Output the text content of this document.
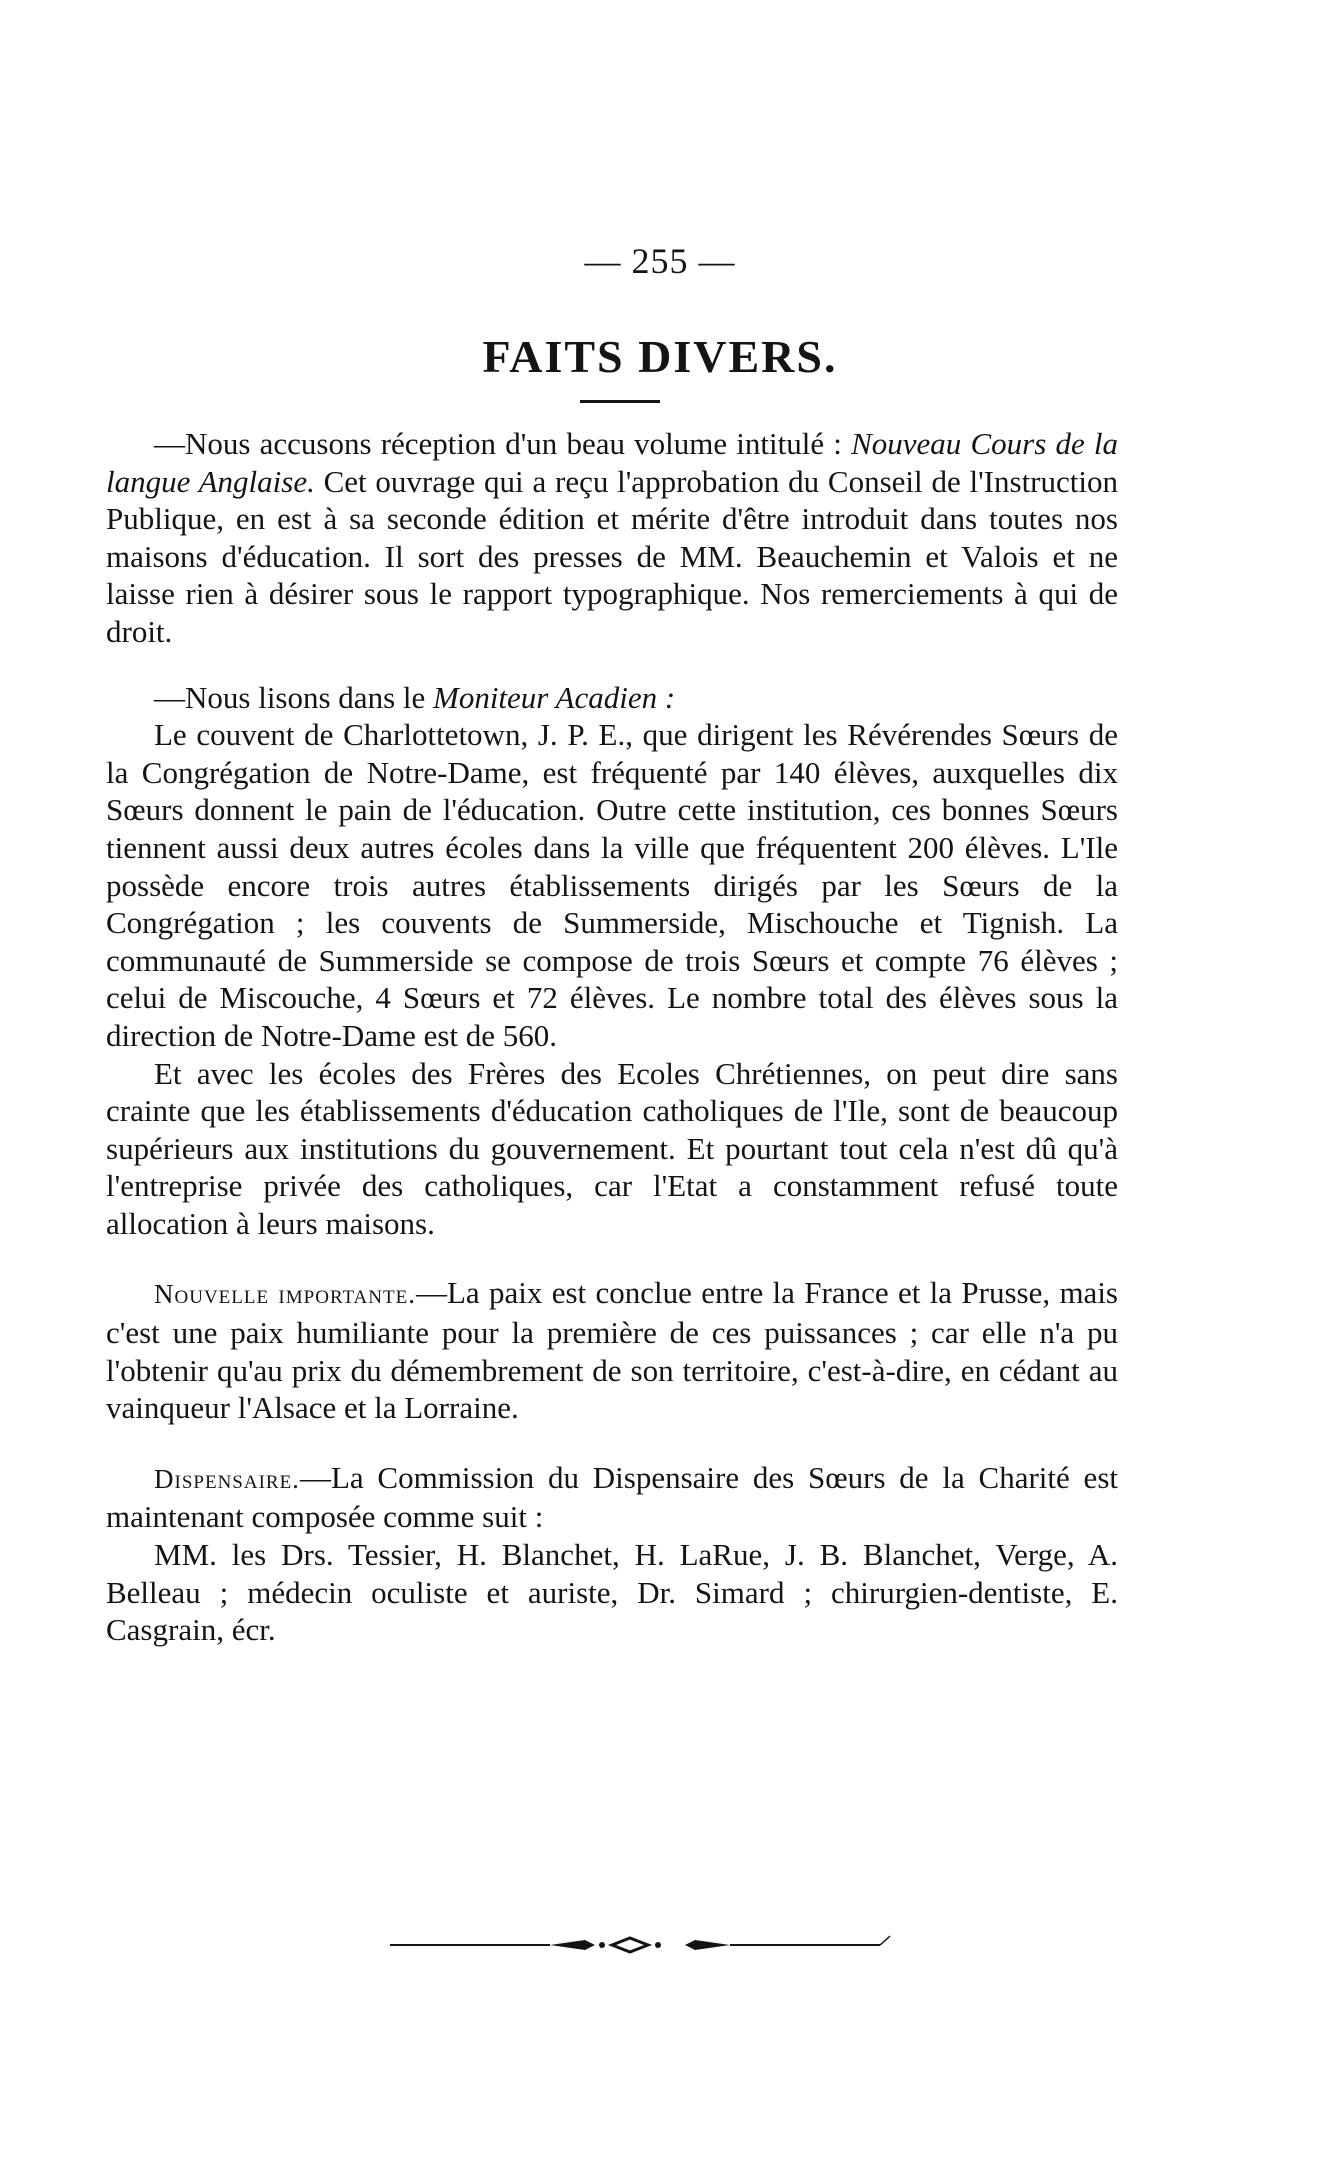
— 255 —
FAITS DIVERS.

—Nous accusons réception d'un beau volume intitulé : Nouveau Cours de la langue Anglaise. Cet ouvrage qui a reçu l'approbation du Conseil de l'Instruction Publique, en est à sa seconde édition et mérite d'être introduit dans toutes nos maisons d'éducation. Il sort des presses de MM. Beauchemin et Valois et ne laisse rien à désirer sous le rapport typographique. Nos remerciements à qui de droit.

—Nous lisons dans le Moniteur Acadien :

Le couvent de Charlottetown, J. P. E., que dirigent les Révérendes Sœurs de la Congrégation de Notre-Dame, est fréquenté par 140 élèves, auxquelles dix Sœurs donnent le pain de l'éducation. Outre cette institution, ces bonnes Sœurs tiennent aussi deux autres écoles dans la ville que fréquentent 200 élèves. L'Ile possède encore trois autres établissements dirigés par les Sœurs de la Congrégation ; les couvents de Summerside, Mischouche et Tignish. La communauté de Summerside se compose de trois Sœurs et compte 76 élèves ; celui de Miscouche, 4 Sœurs et 72 élèves. Le nombre total des élèves sous la direction de Notre-Dame est de 560.

Et avec les écoles des Frères des Ecoles Chrétiennes, on peut dire sans crainte que les établissements d'éducation catholiques de l'Ile, sont de beaucoup supérieurs aux institutions du gouvernement. Et pourtant tout cela n'est dû qu'à l'entreprise privée des catholiques, car l'Etat a constamment refusé toute allocation à leurs maisons.

Nouvelle importante.—La paix est conclue entre la France et la Prusse, mais c'est une paix humiliante pour la première de ces puissances ; car elle n'a pu l'obtenir qu'au prix du démembrement de son territoire, c'est-à-dire, en cédant au vainqueur l'Alsace et la Lorraine.

Dispensaire.—La Commission du Dispensaire des Sœurs de la Charité est maintenant composée comme suit :

MM. les Drs. Tessier, H. Blanchet, H. LaRue, J. B. Blanchet, Verge, A. Belleau ; médecin oculiste et auriste, Dr. Simard ; chirurgien-dentiste, E. Casgrain, écr.
